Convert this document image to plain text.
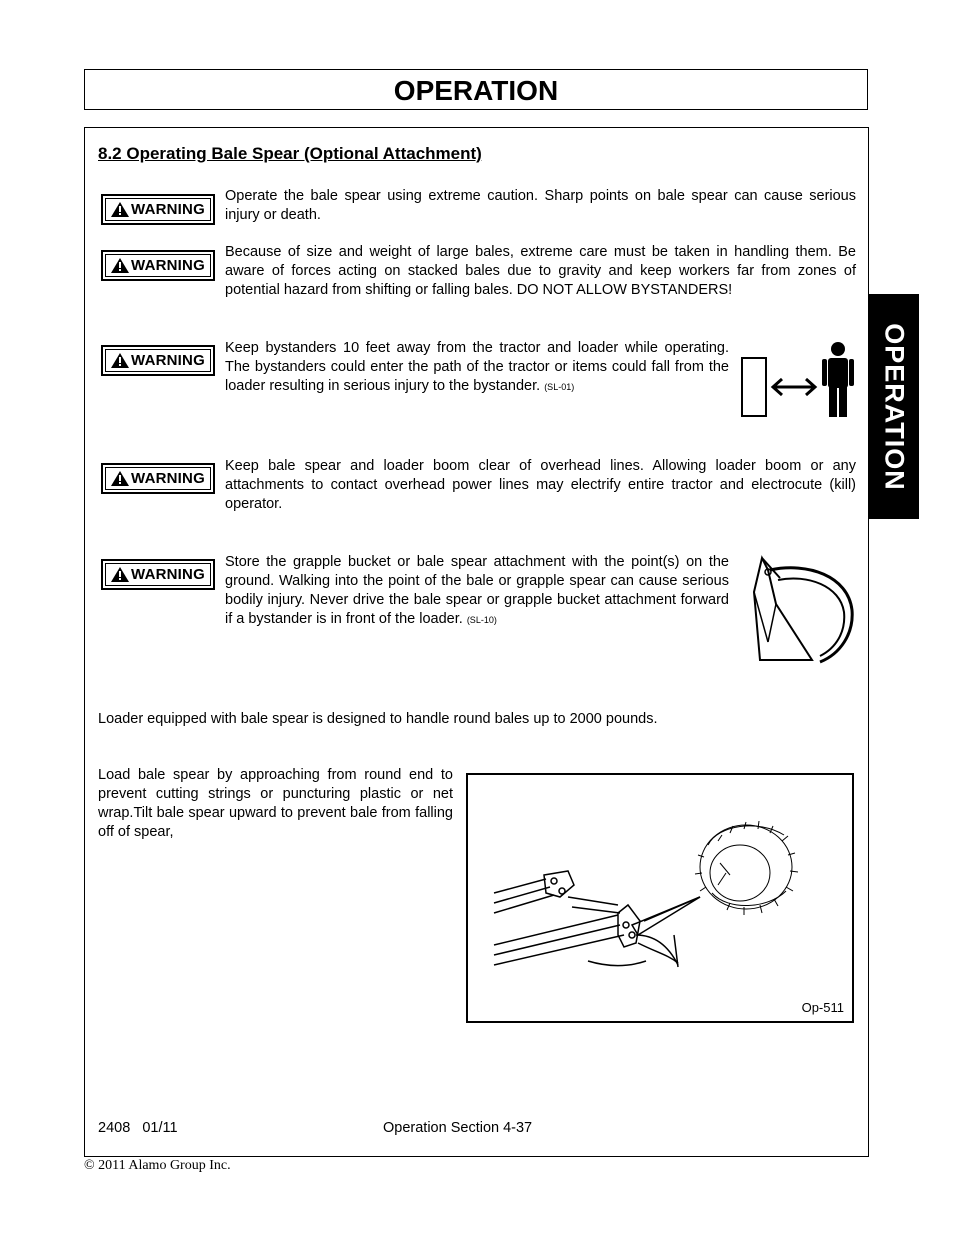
OPERATION
OPERATION
8.2 Operating Bale Spear (Optional Attachment)
WARNING
Operate the bale spear using extreme caution. Sharp points on bale spear can cause serious injury or death.
WARNING
Because of size and weight of large bales, extreme care must be taken in handling them. Be aware of forces acting on stacked bales due to gravity and keep workers far from zones of potential hazard from shifting or falling bales. DO NOT ALLOW BYSTANDERS!
WARNING
Keep bystanders 10 feet away from the tractor and loader while operating. The bystanders could enter the path of the tractor or items could fall from the loader resulting in serious injury to the bystander. (SL-01)
WARNING
Keep bale spear and loader boom clear of overhead lines. Allowing loader boom or any attachments to contact overhead power lines may electrify entire tractor and electrocute (kill) operator.
WARNING
Store the grapple bucket or bale spear attachment with the point(s) on the ground. Walking into the point of the bale or grapple spear can cause serious bodily injury. Never drive the bale spear or grapple bucket attachment forward if a bystander is in front of the loader. (SL-10)
Loader equipped with bale spear is designed to handle round bales up to 2000 pounds.
Load bale spear by approaching from round end to prevent cutting strings or puncturing plastic or net wrap.Tilt bale spear upward to prevent bale from falling off of spear,
Op-511
2408   01/11	Operation Section 4-37
© 2011 Alamo Group Inc.
